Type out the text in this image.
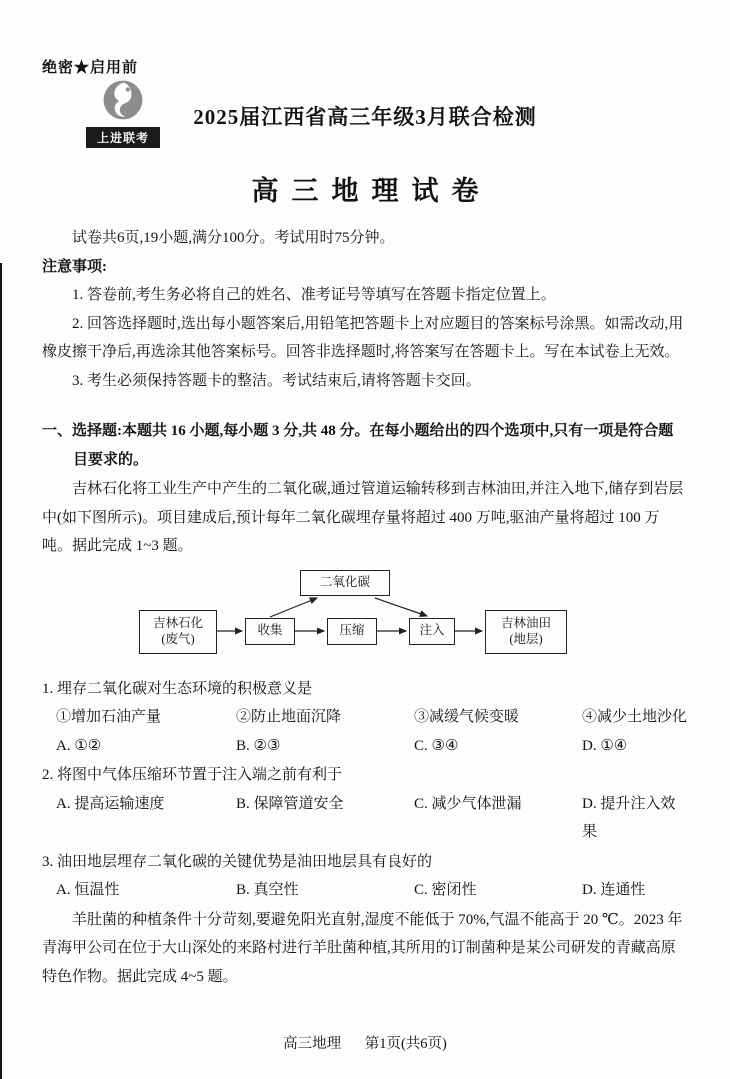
绝密★启用前
上进联考
2025届江西省高三年级3月联合检测
高三地理试卷

试卷共6页,19小题,满分100分。考试用时75分钟。

注意事项:

1. 答卷前,考生务必将自己的姓名、准考证号等填写在答题卡指定位置上。

2. 回答选择题时,选出每小题答案后,用铅笔把答题卡上对应题目的答案标号涂黑。如需改动,用橡皮擦干净后,再选涂其他答案标号。回答非选择题时,将答案写在答题卡上。写在本试卷上无效。

3. 考生必须保持答题卡的整洁。考试结束后,请将答题卡交回。

一、选择题:本题共 16 小题,每小题 3 分,共 48 分。在每小题给出的四个选项中,只有一项是符合题目要求的。

吉林石化将工业生产中产生的二氧化碳,通过管道运输转移到吉林油田,并注入地下,储存到岩层中(如下图所示)。项目建成后,预计每年二氧化碳埋存量将超过 400 万吨,驱油产量将超过 100 万吨。据此完成 1~3 题。

二氧化碳
吉林石化
(废气)
收集	压缩	注入
吉林油田
(地层)

1. 埋存二氧化碳对生态环境的积极意义是

①增加石油产量	②防止地面沉降	③减缓气候变暖	④减少土地沙化
A. ①②	B. ②③	C. ③④	D. ①④

2. 将图中气体压缩环节置于注入端之前有利于

A. 提高运输速度	B. 保障管道安全	C. 减少气体泄漏	D. 提升注入效果

3. 油田地层埋存二氧化碳的关键优势是油田地层具有良好的

A. 恒温性	B. 真空性	C. 密闭性	D. 连通性

羊肚菌的种植条件十分苛刻,要避免阳光直射,湿度不能低于 70%,气温不能高于 20 ℃。2023 年青海甲公司在位于大山深处的来路村进行羊肚菌种植,其所用的订制菌种是某公司研发的青藏高原特色作物。据此完成 4~5 题。

高三地理 第1页(共6页)
